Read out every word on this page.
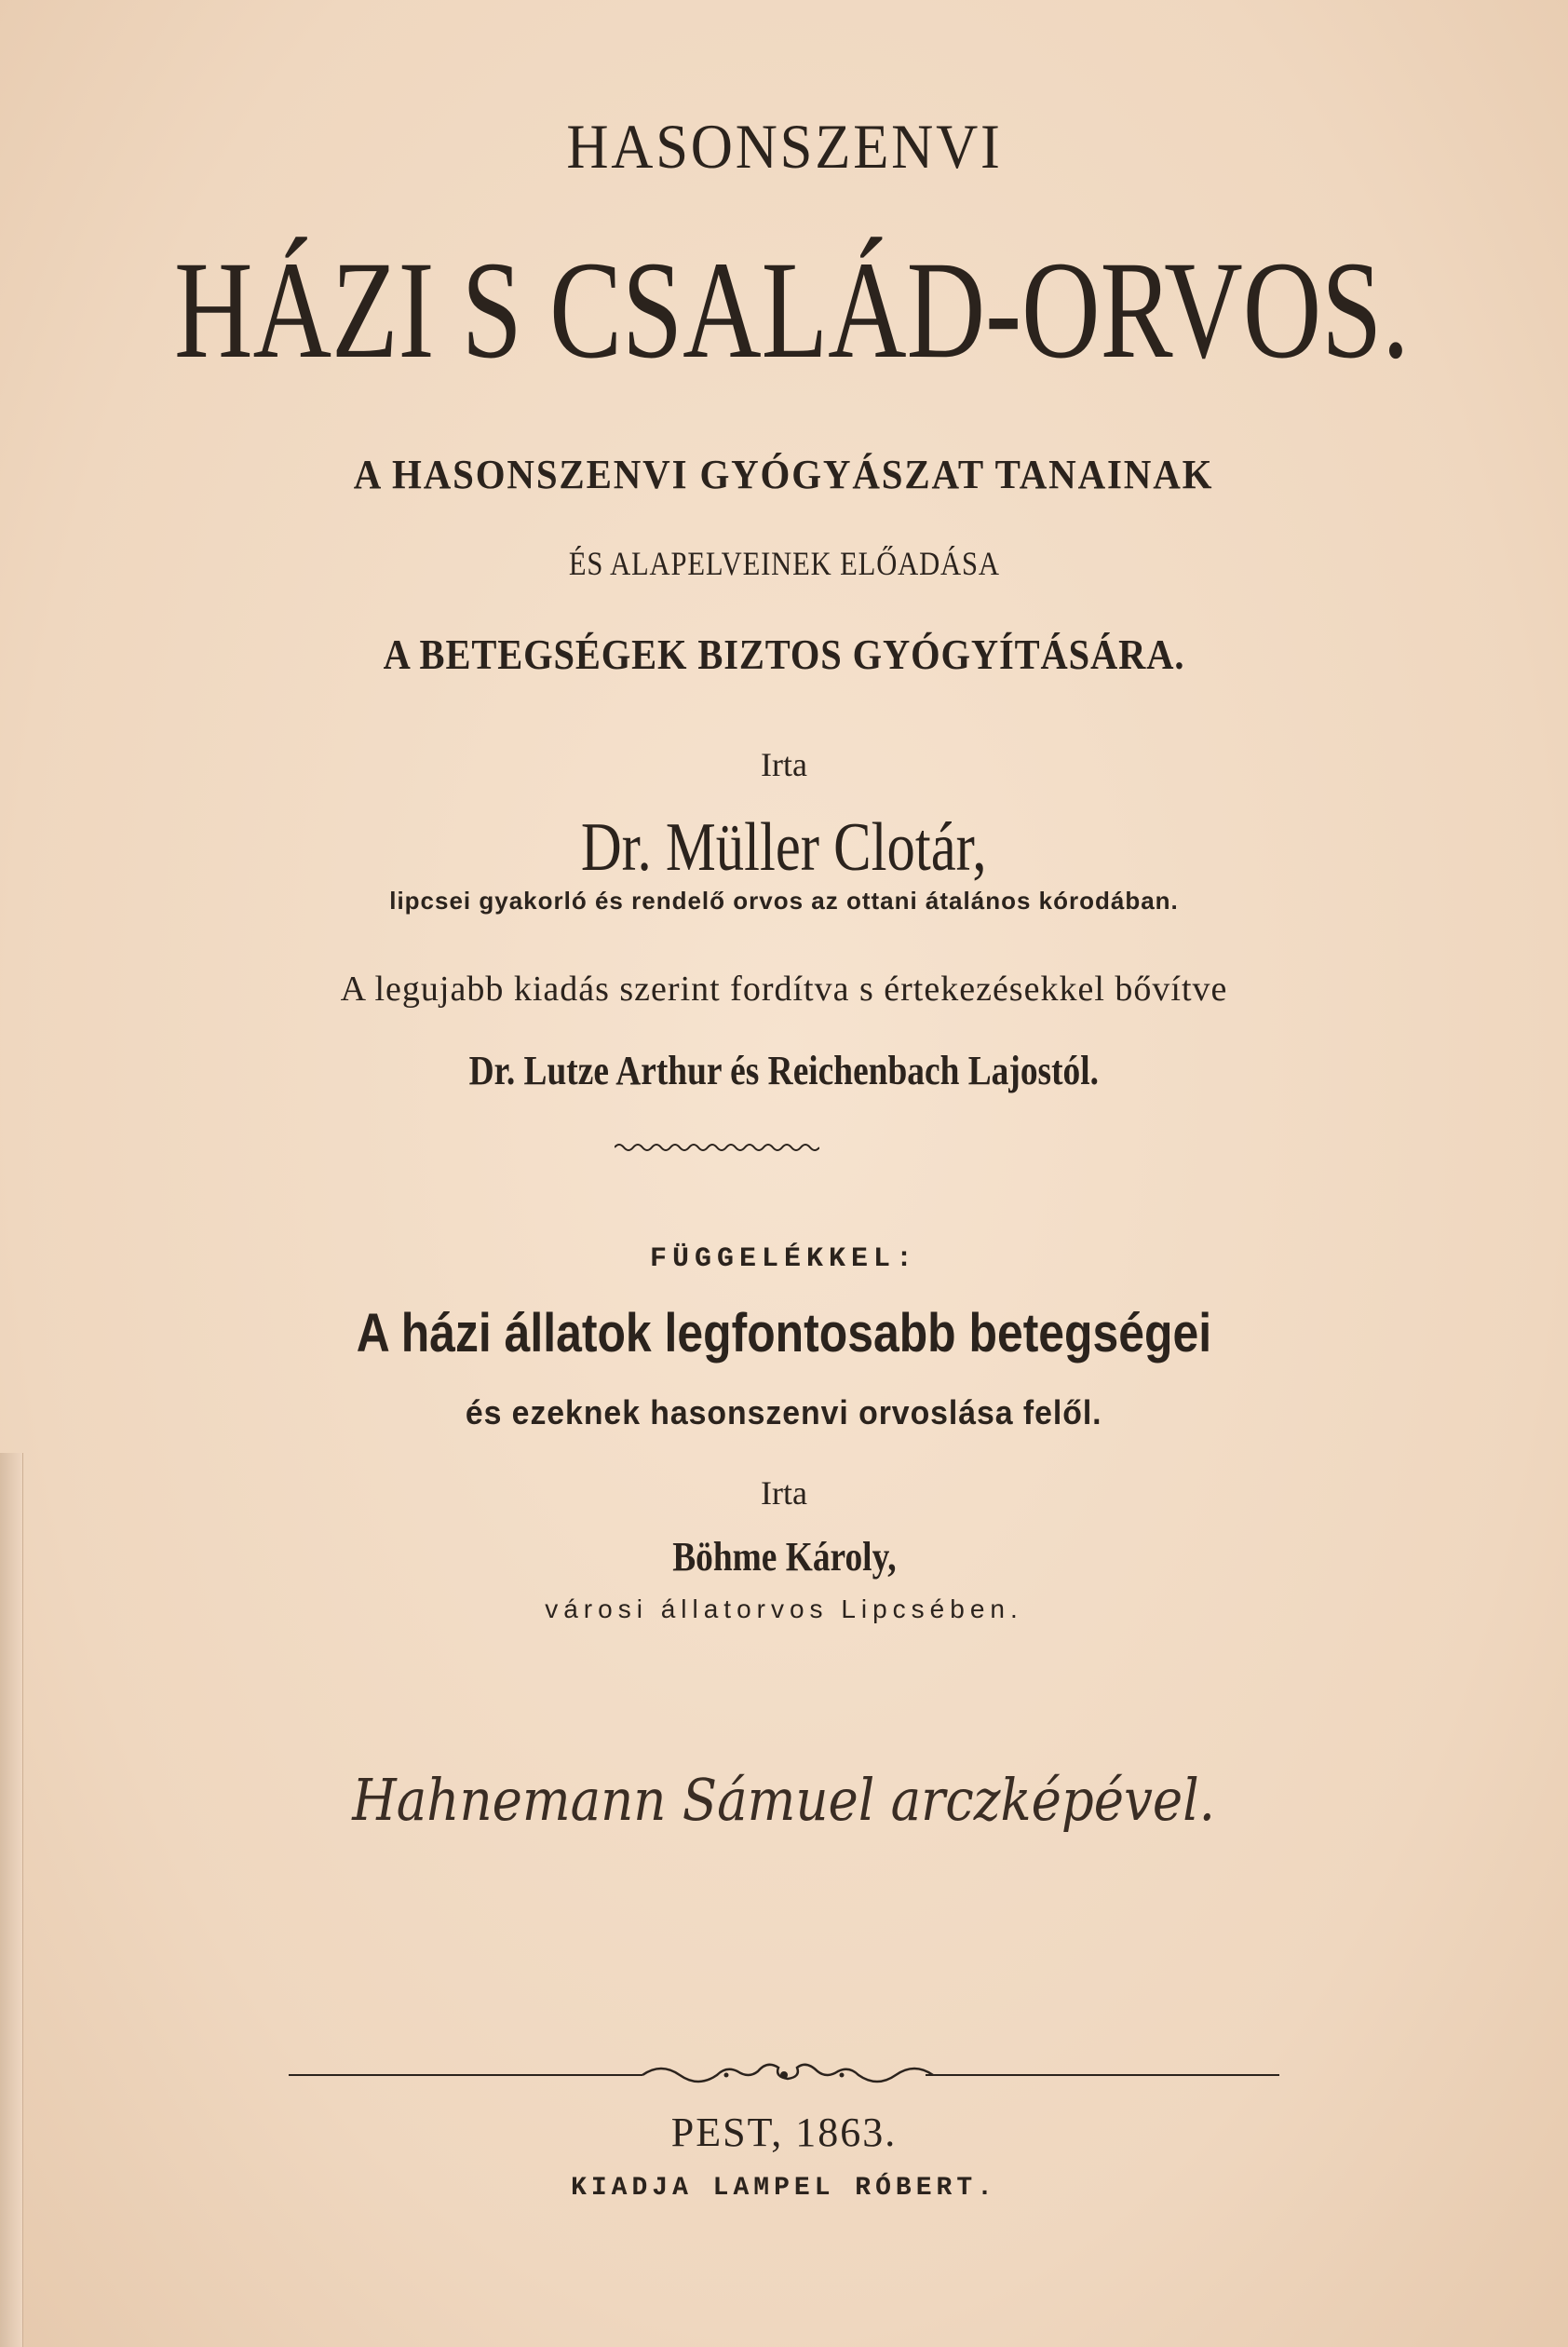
HASONSZENVI
HÁZI S CSALÁD-ORVOS.
A HASONSZENVI GYÓGYÁSZAT TANAINAK
ÉS ALAPELVEINEK ELŐADÁSA
A BETEGSÉGEK BIZTOS GYÓGYÍTÁSÁRA.
Irta
Dr. Müller Clotár,
lipcsei gyakorló és rendelő orvos az ottani átalános kórodában.
A legujabb kiadás szerint fordítva s értekezésekkel bővítve
Dr. Lutze Arthur és Reichenbach Lajostól.
FÜGGELÉKKEL:
A házi állatok legfontosabb betegségei
és ezeknek hasonszenvi orvoslása felől.
Irta
Böhme Károly,
városi állatorvos Lipcsében.
Hahnemann Sámuel arczképével.
PEST, 1863.
KIADJA LAMPEL RÓBERT.
